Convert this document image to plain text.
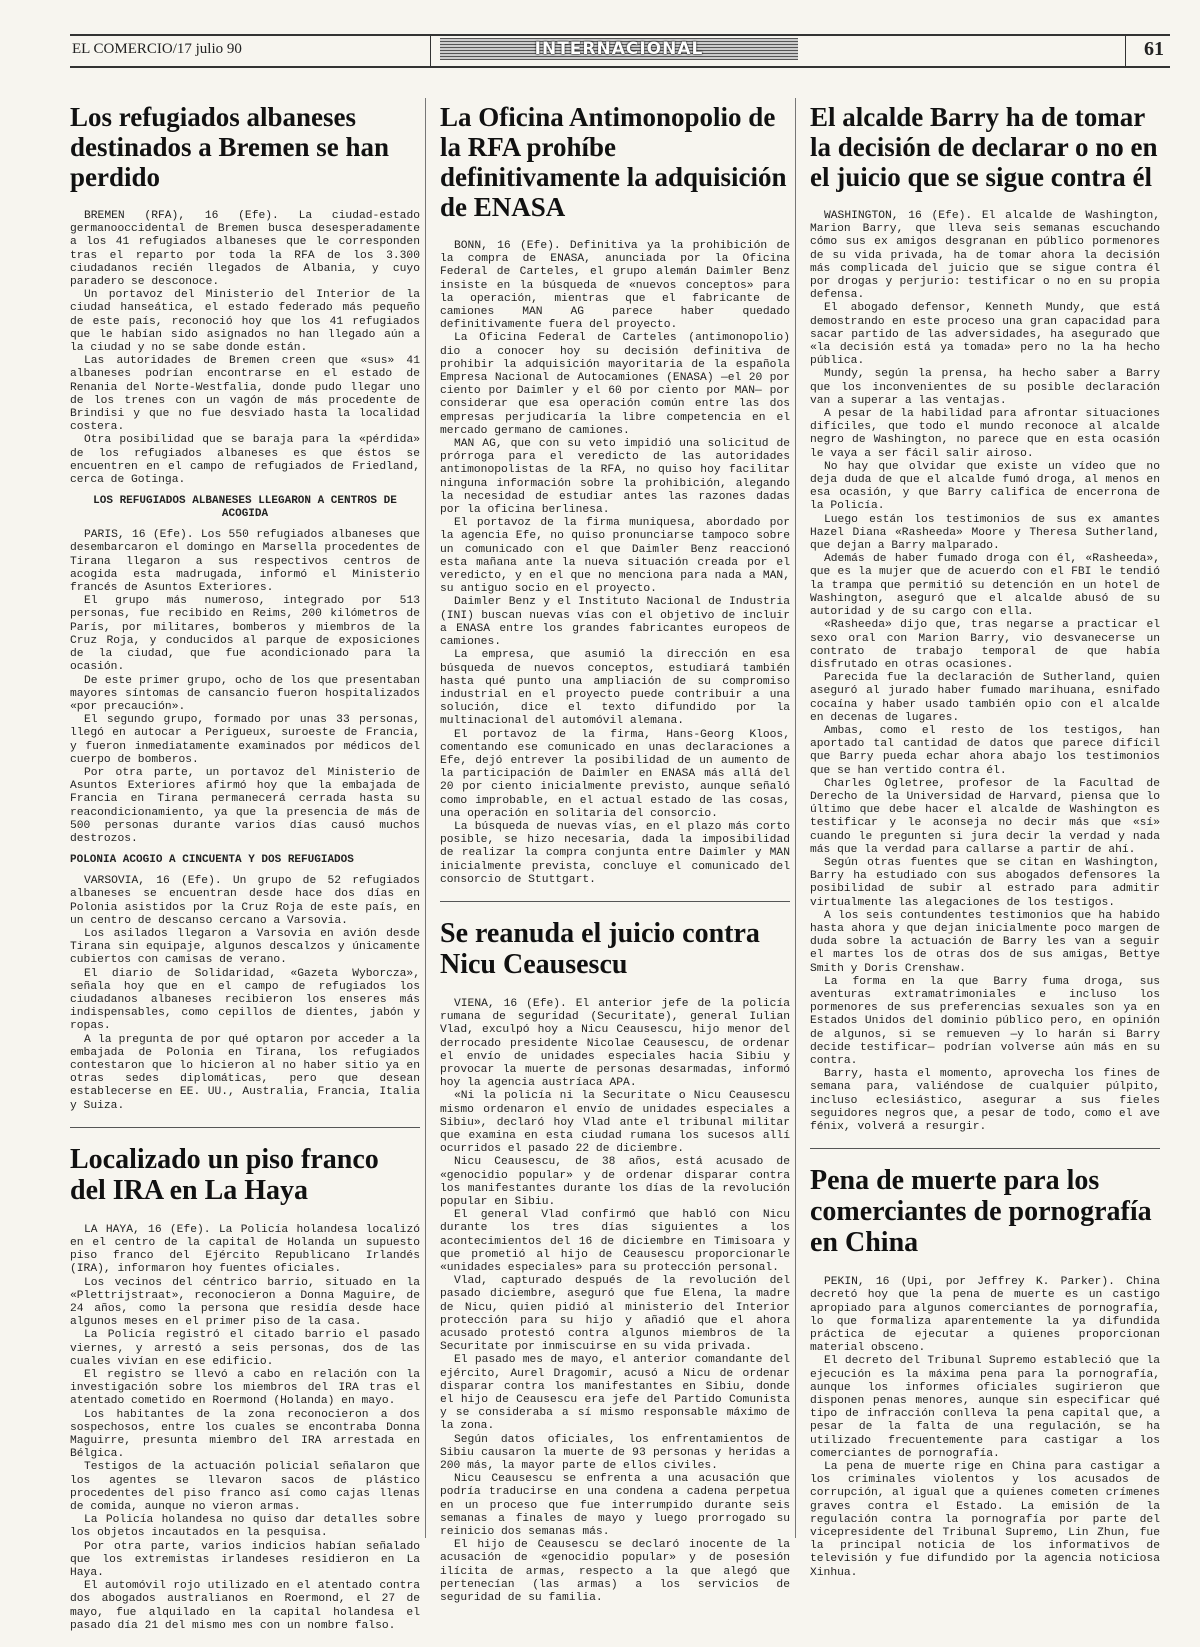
EL COMERCIO/17 julio 90	INTERNACIONAL	61
Los refugiados albaneses destinados a Bremen se han perdido

BREMEN (RFA), 16 (Efe). La ciudad-estado germanooccidental de Bremen busca desesperadamente a los 41 refugiados albaneses que le corresponden tras el reparto por toda la RFA de los 3.300 ciudadanos recién llegados de Albania, y cuyo paradero se desconoce.

Un portavoz del Ministerio del Interior de la ciudad hanseática, el estado federado más pequeño de este país, reconoció hoy que los 41 refugiados que le habían sido asignados no han llegado aún a la ciudad y no se sabe donde están.

Las autoridades de Bremen creen que «sus» 41 albaneses podrían encontrarse en el estado de Renania del Norte-Westfalia, donde pudo llegar uno de los trenes con un vagón de más procedente de Brindisi y que no fue desviado hasta la localidad costera.

Otra posibilidad que se baraja para la «pérdida» de los refugiados albaneses es que éstos se encuentren en el campo de refugiados de Friedland, cerca de Gotinga.

LOS REFUGIADOS ALBANESES LLEGARON A CENTROS DE ACOGIDA

PARIS, 16 (Efe). Los 550 refugiados albaneses que desembarcaron el domingo en Marsella procedentes de Tirana llegaron a sus respectivos centros de acogida esta madrugada, informó el Ministerio francés de Asuntos Exteriores.

El grupo más numeroso, integrado por 513 personas, fue recibido en Reims, 200 kilómetros de París, por militares, bomberos y miembros de la Cruz Roja, y conducidos al parque de exposiciones de la ciudad, que fue acondicionado para la ocasión.

De este primer grupo, ocho de los que presentaban mayores síntomas de cansancio fueron hospitalizados «por precaución».

El segundo grupo, formado por unas 33 personas, llegó en autocar a Perigueux, suroeste de Francia, y fueron inmediatamente examinados por médicos del cuerpo de bomberos.

Por otra parte, un portavoz del Ministerio de Asuntos Exteriores afirmó hoy que la embajada de Francia en Tirana permanecerá cerrada hasta su reacondicionamiento, ya que la presencia de más de 500 personas durante varios días causó muchos destrozos.

POLONIA ACOGIO A CINCUENTA Y DOS REFUGIADOS

VARSOVIA, 16 (Efe). Un grupo de 52 refugiados albaneses se encuentran desde hace dos días en Polonia asistidos por la Cruz Roja de este país, en un centro de descanso cercano a Varsovia.

Los asilados llegaron a Varsovia en avión desde Tirana sin equipaje, algunos descalzos y únicamente cubiertos con camisas de verano.

El diario de Solidaridad, «Gazeta Wyborcza», señala hoy que en el campo de refugiados los ciudadanos albaneses recibieron los enseres más indispensables, como cepillos de dientes, jabón y ropas.

A la pregunta de por qué optaron por acceder a la embajada de Polonia en Tirana, los refugiados contestaron que lo hicieron al no haber sitio ya en otras sedes diplomáticas, pero que desean establecerse en EE. UU., Australia, Francia, Italia y Suiza.

Localizado un piso franco del IRA en La Haya

LA HAYA, 16 (Efe). La Policía holandesa localizó en el centro de la capital de Holanda un supuesto piso franco del Ejército Republicano Irlandés (IRA), informaron hoy fuentes oficiales.

Los vecinos del céntrico barrio, situado en la «Plettrijstraat», reconocieron a Donna Maguire, de 24 años, como la persona que residía desde hace algunos meses en el primer piso de la casa.

La Policía registró el citado barrio el pasado viernes, y arrestó a seis personas, dos de las cuales vivían en ese edificio.

El registro se llevó a cabo en relación con la investigación sobre los miembros del IRA tras el atentado cometido en Roermond (Holanda) en mayo.

Los habitantes de la zona reconocieron a dos sospechosos, entre los cuales se encontraba Donna Maguirre, presunta miembro del IRA arrestada en Bélgica.

Testigos de la actuación policial señalaron que los agentes se llevaron sacos de plástico procedentes del piso franco así como cajas llenas de comida, aunque no vieron armas.

La Policía holandesa no quiso dar detalles sobre los objetos incautados en la pesquisa.

Por otra parte, varios indicios habían señalado que los extremistas irlandeses residieron en La Haya.

El automóvil rojo utilizado en el atentado contra dos abogados australianos en Roermond, el 27 de mayo, fue alquilado en la capital holandesa el pasado día 21 del mismo mes con un nombre falso.

La Oficina Antimonopolio de la RFA prohíbe definitivamente la adquisición de ENASA

BONN, 16 (Efe). Definitiva ya la prohibición de la compra de ENASA, anunciada por la Oficina Federal de Carteles, el grupo alemán Daimler Benz insiste en la búsqueda de «nuevos conceptos» para la operación, mientras que el fabricante de camiones MAN AG parece haber quedado definitivamente fuera del proyecto.

La Oficina Federal de Carteles (antimonopolio) dio a conocer hoy su decisión definitiva de prohibir la adquisición mayoritaria de la española Empresa Nacional de Autocamiones (ENASA) —el 20 por ciento por Daimler y el 60 por ciento por MAN— por considerar que esa operación común entre las dos empresas perjudicaría la libre competencia en el mercado germano de camiones.

MAN AG, que con su veto impidió una solicitud de prórroga para el veredicto de las autoridades antimonopolistas de la RFA, no quiso hoy facilitar ninguna información sobre la prohibición, alegando la necesidad de estudiar antes las razones dadas por la oficina berlinesa.

El portavoz de la firma muniquesa, abordado por la agencia Efe, no quiso pronunciarse tampoco sobre un comunicado con el que Daimler Benz reaccionó esta mañana ante la nueva situación creada por el veredicto, y en el que no menciona para nada a MAN, su antiguo socio en el proyecto.

Daimler Benz y el Instituto Nacional de Industria (INI) buscan nuevas vías con el objetivo de incluir a ENASA entre los grandes fabricantes europeos de camiones.

La empresa, que asumió la dirección en esa búsqueda de nuevos conceptos, estudiará también hasta qué punto una ampliación de su compromiso industrial en el proyecto puede contribuir a una solución, dice el texto difundido por la multinacional del automóvil alemana.

El portavoz de la firma, Hans-Georg Kloos, comentando ese comunicado en unas declaraciones a Efe, dejó entrever la posibilidad de un aumento de la participación de Daimler en ENASA más allá del 20 por ciento inicialmente previsto, aunque señaló como improbable, en el actual estado de las cosas, una operación en solitaria del consorcio.

La búsqueda de nuevas vías, en el plazo más corto posible, se hizo necesaria, dada la imposibilidad de realizar la compra conjunta entre Daimler y MAN inicialmente prevista, concluye el comunicado del consorcio de Stuttgart.

Se reanuda el juicio contra Nicu Ceausescu

VIENA, 16 (Efe). El anterior jefe de la policía rumana de seguridad (Securitate), general Iulian Vlad, exculpó hoy a Nicu Ceausescu, hijo menor del derrocado presidente Nicolae Ceausescu, de ordenar el envío de unidades especiales hacia Sibiu y provocar la muerte de personas desarmadas, informó hoy la agencia austríaca APA.

«Ni la policía ni la Securitate o Nicu Ceausescu mismo ordenaron el envío de unidades especiales a Sibiu», declaró hoy Vlad ante el tribunal militar que examina en esta ciudad rumana los sucesos allí ocurridos el pasado 22 de diciembre.

Nicu Ceausescu, de 38 años, está acusado de «genocidio popular» y de ordenar disparar contra los manifestantes durante los días de la revolución popular en Sibiu.

El general Vlad confirmó que habló con Nicu durante los tres días siguientes a los acontecimientos del 16 de diciembre en Timisoara y que prometió al hijo de Ceausescu proporcionarle «unidades especiales» para su protección personal.

Vlad, capturado después de la revolución del pasado diciembre, aseguró que fue Elena, la madre de Nicu, quien pidió al ministerio del Interior protección para su hijo y añadió que el ahora acusado protestó contra algunos miembros de la Securitate por inmiscuirse en su vida privada.

El pasado mes de mayo, el anterior comandante del ejército, Aurel Dragomir, acusó a Nicu de ordenar disparar contra los manifestantes en Sibiu, donde el hijo de Ceausescu era jefe del Partido Comunista y se consideraba a sí mismo responsable máximo de la zona.

Según datos oficiales, los enfrentamientos de Sibiu causaron la muerte de 93 personas y heridas a 200 más, la mayor parte de ellos civiles.

Nicu Ceausescu se enfrenta a una acusación que podría traducirse en una condena a cadena perpetua en un proceso que fue interrumpido durante seis semanas a finales de mayo y luego prorrogado su reinicio dos semanas más.

El hijo de Ceausescu se declaró inocente de la acusación de «genocidio popular» y de posesión ilícita de armas, respecto a la que alegó que pertenecían (las armas) a los servicios de seguridad de su familia.

El alcalde Barry ha de tomar la decisión de declarar o no en el juicio que se sigue contra él

WASHINGTON, 16 (Efe). El alcalde de Washington, Marion Barry, que lleva seis semanas escuchando cómo sus ex amigos desgranan en público pormenores de su vida privada, ha de tomar ahora la decisión más complicada del juicio que se sigue contra él por drogas y perjurio: testificar o no en su propia defensa.

El abogado defensor, Kenneth Mundy, que está demostrando en este proceso una gran capacidad para sacar partido de las adversidades, ha asegurado que «la decisión está ya tomada» pero no la ha hecho pública.

Mundy, según la prensa, ha hecho saber a Barry que los inconvenientes de su posible declaración van a superar a las ventajas.

A pesar de la habilidad para afrontar situaciones difíciles, que todo el mundo reconoce al alcalde negro de Washington, no parece que en esta ocasión le vaya a ser fácil salir airoso.

No hay que olvidar que existe un vídeo que no deja duda de que el alcalde fumó droga, al menos en esa ocasión, y que Barry califica de encerrona de la Policía.

Luego están los testimonios de sus ex amantes Hazel Diana «Rasheeda» Moore y Theresa Sutherland, que dejan a Barry malparado.

Además de haber fumado droga con él, «Rasheeda», que es la mujer que de acuerdo con el FBI le tendió la trampa que permitió su detención en un hotel de Washington, aseguró que el alcalde abusó de su autoridad y de su cargo con ella.

«Rasheeda» dijo que, tras negarse a practicar el sexo oral con Marion Barry, vio desvanecerse un contrato de trabajo temporal de que había disfrutado en otras ocasiones.

Parecida fue la declaración de Sutherland, quien aseguró al jurado haber fumado marihuana, esnifado cocaína y haber usado también opio con el alcalde en decenas de lugares.

Ambas, como el resto de los testigos, han aportado tal cantidad de datos que parece difícil que Barry pueda echar ahora abajo los testimonios que se han vertido contra él.

Charles Ogletree, profesor de la Facultad de Derecho de la Universidad de Harvard, piensa que lo último que debe hacer el alcalde de Washington es testificar y le aconseja no decir más que «sí» cuando le pregunten si jura decir la verdad y nada más que la verdad para callarse a partir de ahí.

Según otras fuentes que se citan en Washington, Barry ha estudiado con sus abogados defensores la posibilidad de subir al estrado para admitir virtualmente las alegaciones de los testigos.

A los seis contundentes testimonios que ha habido hasta ahora y que dejan inicialmente poco margen de duda sobre la actuación de Barry les van a seguir el martes los de otras dos de sus amigas, Bettye Smith y Doris Crenshaw.

La forma en la que Barry fuma droga, sus aventuras extramatrimoniales e incluso los pormenores de sus preferencias sexuales son ya en Estados Unidos del dominio público pero, en opinión de algunos, si se remueven —y lo harán si Barry decide testificar— podrían volverse aún más en su contra.

Barry, hasta el momento, aprovecha los fines de semana para, valiéndose de cualquier púlpito, incluso eclesiástico, asegurar a sus fieles seguidores negros que, a pesar de todo, como el ave fénix, volverá a resurgir.

Pena de muerte para los comerciantes de pornografía en China

PEKIN, 16 (Upi, por Jeffrey K. Parker). China decretó hoy que la pena de muerte es un castigo apropiado para algunos comerciantes de pornografía, lo que formaliza aparentemente la ya difundida práctica de ejecutar a quienes proporcionan material obsceno.

El decreto del Tribunal Supremo estableció que la ejecución es la máxima pena para la pornografía, aunque los informes oficiales sugirieron que disponen penas menores, aunque sin especificar qué tipo de infracción conlleva la pena capital que, a pesar de la falta de una regulación, se ha utilizado frecuentemente para castigar a los comerciantes de pornografía.

La pena de muerte rige en China para castigar a los criminales violentos y los acusados de corrupción, al igual que a quienes cometen crímenes graves contra el Estado. La emisión de la regulación contra la pornografía por parte del vicepresidente del Tribunal Supremo, Lin Zhun, fue la principal noticia de los informativos de televisión y fue difundido por la agencia noticiosa Xinhua.
